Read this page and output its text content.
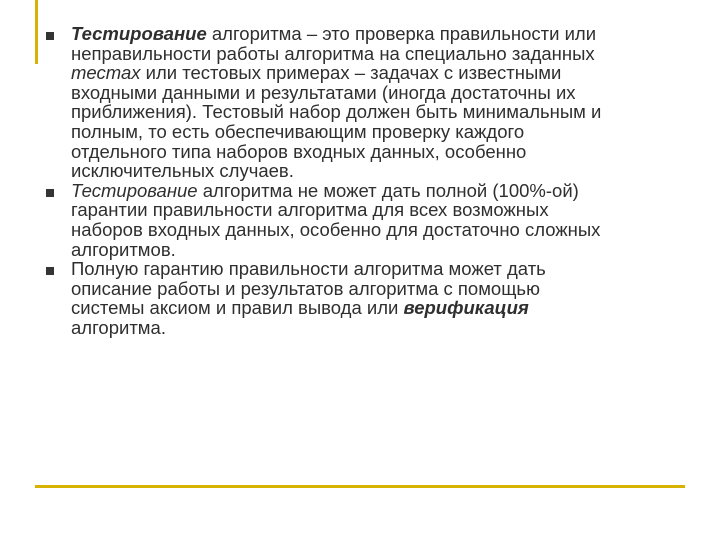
Тестирование алгоритма – это проверка правильности или
неправильности работы алгоритма на специально заданных
тестах или тестовых примерах – задачах с известными
входными данными и результатами (иногда достаточны их
приближения). Тестовый набор должен быть минимальным и
полным, то есть обеспечивающим проверку каждого
отдельного типа наборов входных данных, особенно
исключительных случаев.
Тестирование алгоритма не может дать полной (100%-ой)
гарантии правильности алгоритма для всех возможных
наборов входных данных, особенно для достаточно сложных
алгоритмов.
Полную гарантию правильности алгоритма может дать
описание работы и результатов алгоритма с помощью
системы аксиом и правил вывода или верификация
алгоритма.
